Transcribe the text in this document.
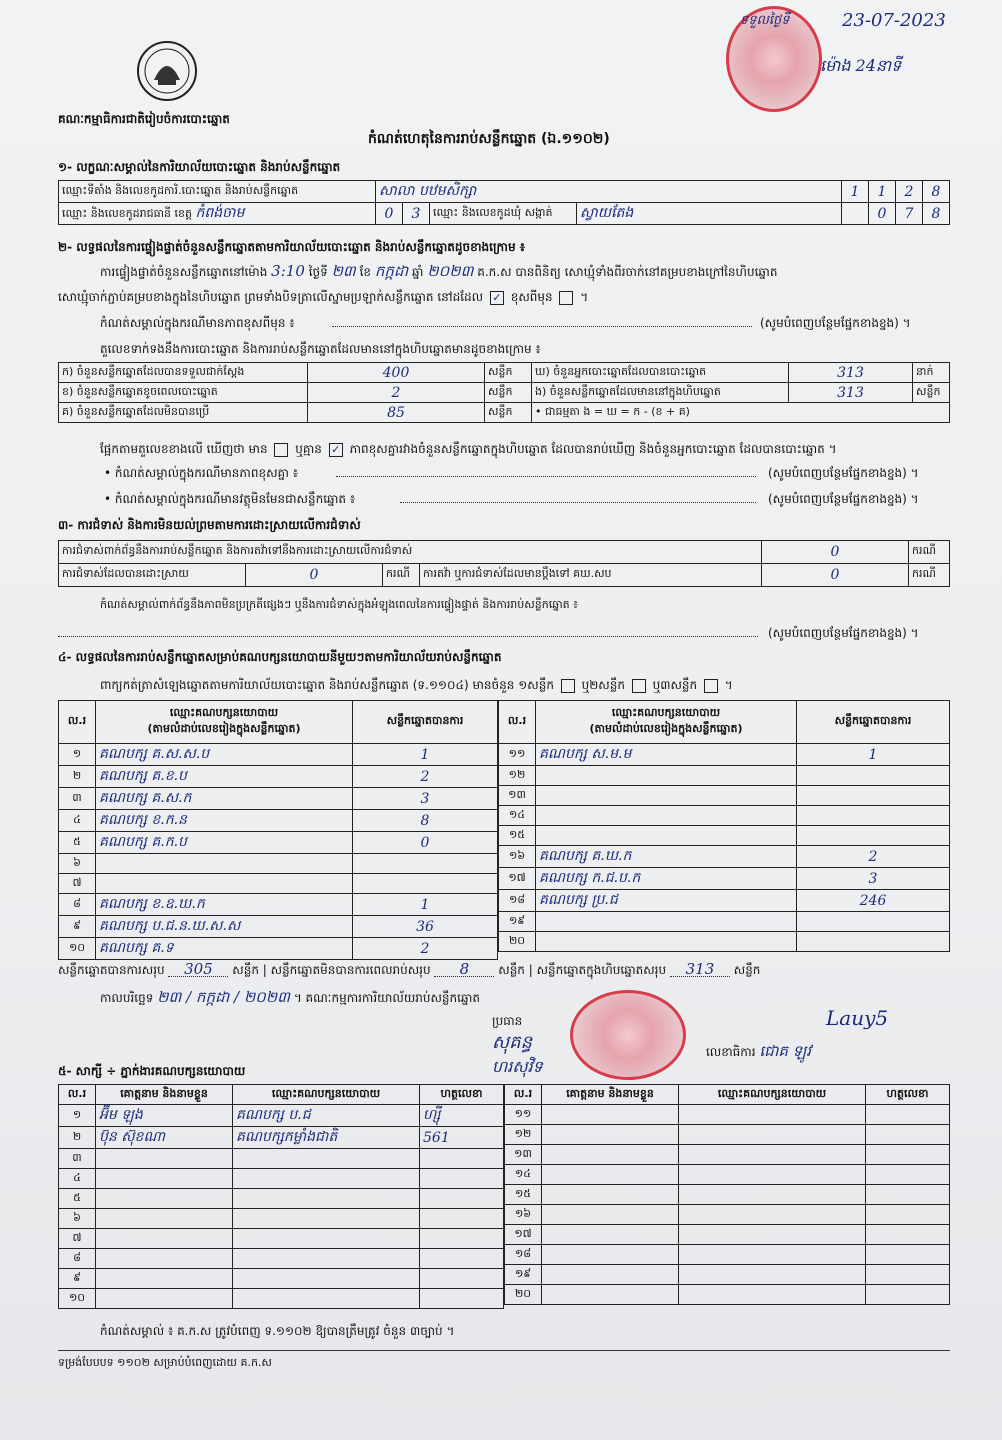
គណៈកម្មាធិការជាតិរៀបចំការបោះឆ្នោត
ទទួលថ្ងៃទី	23-07-2023
ម៉ោង 24នាទី
កំណត់ហេតុនៃការរាប់សន្លឹកឆ្នោត (ឯ.១១០២)
១- លក្ខណៈសម្គាល់នៃការិយាល័យបោះឆ្នោត និងរាប់សន្លឹកឆ្នោត
ឈ្មោះទីតាំង និងលេខកូដការិ.បោះឆ្នោត និងរាប់សន្លឹកឆ្នោត	សាលា បឋមសិក្សា				1	1	2	8
ឈ្មោះ និងលេខកូដរាជធានី ខេត្ត កំពង់ចាម	0	3	ឈ្មោះ និងលេខកូដឃុំ សង្កាត់	ស្វាយតែង		0	7	8
២- លទ្ធផលនៃការផ្ទៀងផ្ទាត់ចំនួនសន្លឹកឆ្នោតតាមការិយាល័យបោះឆ្នោត និងរាប់សន្លឹកឆ្នោតដូចខាងក្រោម ៖
ការផ្ទៀងផ្ទាត់ចំនួនសន្លឹកឆ្នោតនៅម៉ោង 3:10 ថ្ងៃទី ២៣ ខែ កក្កដា ឆ្នាំ ២០២៣ គ.ក.ស បានពិនិត្យ សោឃ្មុំទាំងពីរចាក់នៅគម្របខាងក្រៅនៃហិបឆ្នោត
សោឃ្មុំចាក់ភ្ជាប់គម្របខាងក្នុងនៃហិបឆ្នោត ព្រមទាំងបិទត្រាលើស្នាមប្រឡាក់សន្លឹកឆ្នោត នៅដដែល ✓ ខុសពីមុន  ។
កំណត់សម្គាល់ក្នុងករណីមានភាពខុសពីមុន ៖	(សូមបំពេញបន្ថែមផ្នែកខាងខ្នង) ។
តួលេខទាក់ទងនឹងការបោះឆ្នោត និងការរាប់សន្លឹកឆ្នោតដែលមាននៅក្នុងហិបឆ្នោតមានដូចខាងក្រោម ៖
ក) ចំនួនសន្លឹកឆ្នោតដែលបានទទួលជាក់ស្តែង	400	សន្លឹក	ឃ) ចំនួនអ្នកបោះឆ្នោតដែលបានបោះឆ្នោត	313	នាក់
ខ) ចំនួនសន្លឹកឆ្នោតខូចពេលបោះឆ្នោត	2	សន្លឹក	ង) ចំនួនសន្លឹកឆ្នោតដែលមាននៅក្នុងហិបឆ្នោត	313	សន្លឹក
គ) ចំនួនសន្លឹកឆ្នោតដែលមិនបានប្រើ	85	សន្លឹក	• ជាធម្មតា ង = ឃ = ក - (ខ + គ)		
ផ្អែកតាមតួលេខខាងលើ ឃើញថា មាន ឬគ្មាន ✓ ភាពខុសគ្នារវាងចំនួនសន្លឹកឆ្នោតក្នុងហិបឆ្នោត ដែលបានរាប់ឃើញ និងចំនួនអ្នកបោះឆ្នោត ដែលបានបោះឆ្នោត ។
• កំណត់សម្គាល់ក្នុងករណីមានភាពខុសគ្នា ៖	(សូមបំពេញបន្ថែមផ្នែកខាងខ្នង) ។
• កំណត់សម្គាល់ក្នុងករណីមានវត្ថុមិនមែនជាសន្លឹកឆ្នោត ៖	(សូមបំពេញបន្ថែមផ្នែកខាងខ្នង) ។
៣- ការជំទាស់ និងការមិនយល់ព្រមតាមការដោះស្រាយលើការជំទាស់
ការជំទាស់ពាក់ព័ន្ធនឹងការរាប់សន្លឹកឆ្នោត និងការតវ៉ាទៅនឹងការដោះស្រាយលើការជំទាស់				0	ករណី
ការជំទាស់ដែលបានដោះស្រាយ	0	ករណី	ការតវ៉ា ឬការជំទាស់ដែលមានប្តឹងទៅ គឃ.សប	0	ករណី
កំណត់សម្គាល់ពាក់ព័ន្ធនឹងភាពមិនប្រក្រតីផ្សេងៗ ឬនឹងការជំទាស់ក្នុងអំឡុងពេលនៃការផ្ទៀងផ្ទាត់ និងការរាប់សន្លឹកឆ្នោត ៖
(សូមបំពេញបន្ថែមផ្នែកខាងខ្នង) ។
៤- លទ្ធផលនៃការរាប់សន្លឹកឆ្នោតសម្រាប់គណបក្សនយោបាយនីមួយៗតាមការិយាល័យរាប់សន្លឹកឆ្នោត
ពាក្យកត់ត្រាសំឡេងឆ្នោតតាមការិយាល័យបោះឆ្នោត និងរាប់សន្លឹកឆ្នោត (ទ.១១០៤) មានចំនួន ១សន្លឹក ឬ២សន្លឹក ឬ៣សន្លឹក  ។
ល.រ	ឈ្មោះគណបក្សនយោបាយ
(តាមលំដាប់លេខរៀងក្នុងសន្លឹកឆ្នោត)	សន្លឹកឆ្នោតបានការ
១	គណបក្ស គ.ស.ស.ប	1
២	គណបក្ស គ.ខ.ប	2
៣	គណបក្ស គ.ស.ក	3
៤	គណបក្ស ខ.ក.ន	8
៥	គណបក្ស គ.ក.ប	0
៦		
៧		
៨	គណបក្ស ខ.ឧ.ឃ.ក	1
៩	គណបក្ស ប.ជ.ន.ឃ.ស.ស	36
១០	គណបក្ស គ.ទ	2
ល.រ	ឈ្មោះគណបក្សនយោបាយ
(តាមលំដាប់លេខរៀងក្នុងសន្លឹកឆ្នោត)	សន្លឹកឆ្នោតបានការ
១១	គណបក្ស ស.ម.ម	1
១២		
១៣		
១៤		
១៥		
១៦	គណបក្ស គ.ឃ.ក	2
១៧	គណបក្ស ក.ជ.ប.ក	3
១៨	គណបក្ស ប្រ.ជ	246
១៩		
២០		
សន្លឹកឆ្នោតបានការសរុប 305 សន្លឹក | សន្លឹកឆ្នោតមិនបានការពេលរាប់សរុប 8 សន្លឹក | សន្លឹកឆ្នោតក្នុងហិបឆ្នោតសរុប 313 សន្លឹក
កាលបរិច្ឆេទ ២៣ / កក្កដា / ២០២៣ ។ គណៈកម្មការការិយាល័យរាប់សន្លឹកឆ្នោត
ប្រធាន
សុគន្ធ
ហរសុវិទ
Lauy5
លេខាធិការ ជោគ ឡូវ
៥- សាក្សី ÷ ភ្នាក់ងារគណបក្សនយោបាយ
ល.រ	គោត្តនាម និងនាមខ្លួន	ឈ្មោះគណបក្សនយោបាយ	ហត្ថលេខា
១	អ៊ឹម ឡុង	គណបក្ស ប.ជ	ហ្ស៊ី
២	ប៊ុន ស៊ុខណា	គណបក្សកម្លាំងជាតិ	561
៣			
៤			
៥			
៦			
៧			
៨			
៩			
១០			
ល.រ	គោត្តនាម និងនាមខ្លួន	ឈ្មោះគណបក្សនយោបាយ	ហត្ថលេខា
១១			
១២			
១៣			
១៤			
១៥			
១៦			
១៧			
១៨			
១៩			
២០			
កំណត់សម្គាល់ ៖ គ.ក.ស ត្រូវបំពេញ ទ.១១០២ ឱ្យបានត្រឹមត្រូវ ចំនួន ៣ច្បាប់ ។
ទម្រង់បែបបទ ១១០២ សម្រាប់បំពេញដោយ គ.ក.ស
